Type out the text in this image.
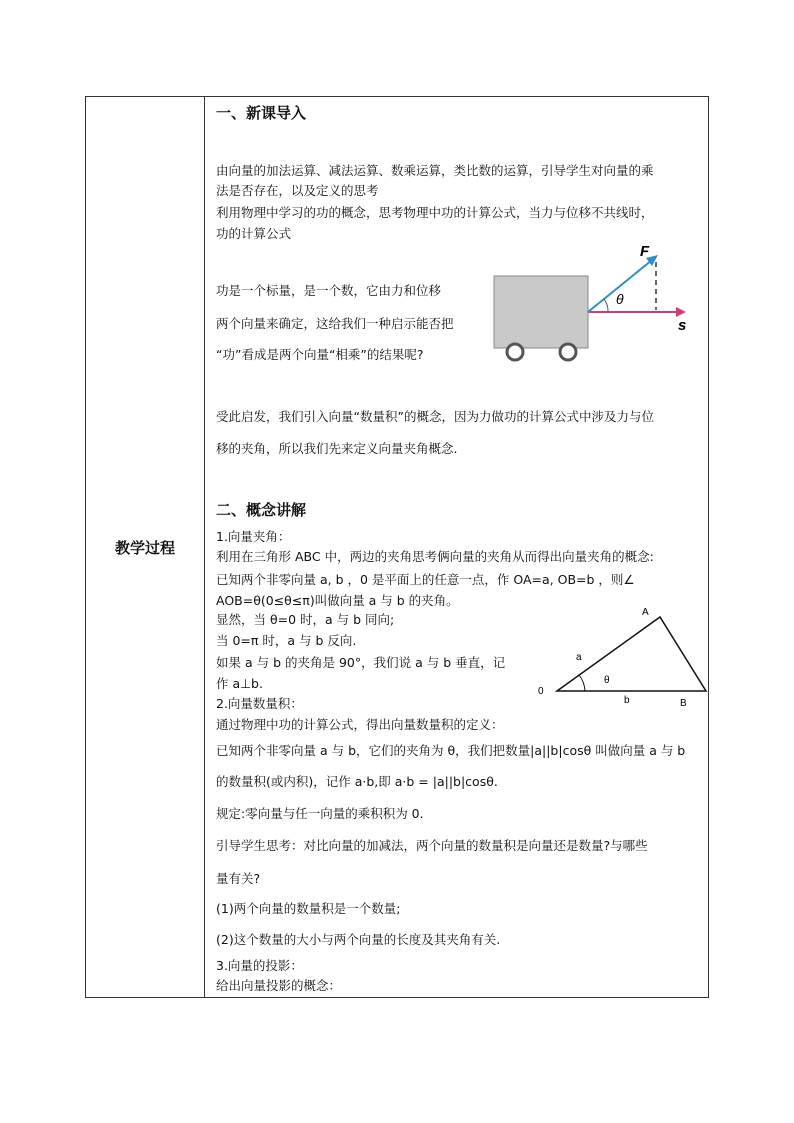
教学过程
一、新课导入
由向量的加法运算、减法运算、数乘运算，类比数的运算，引导学生对向量的乘
法是否存在，以及定义的思考
利用物理中学习的功的概念，思考物理中功的计算公式，当力与位移不共线时，
功的计算公式
功是一个标量，是一个数，它由力和位移
两个向量来确定，这给我们一种启示能否把
“功”看成是两个向量“相乘”的结果呢?
受此启发，我们引入向量“数量积”的概念，因为力做功的计算公式中涉及力与位
移的夹角，所以我们先来定义向量夹角概念.
F
θ
s
二、概念讲解
1.向量夹角：
利用在三角形 ABC 中，两边的夹角思考俩向量的夹角从而得出向量夹角的概念:
已知两个非零向量 a, b ，0 是平面上的任意一点，作 OA=a, OB=b ，则∠
AOB=θ(0≤θ≤π)叫做向量 a 与 b 的夹角。
显然，当 θ=0 时，a 与 b 同向;
当 0=π 时，a 与 b 反向.
如果 a 与 b 的夹角是 90°，我们说 a 与 b 垂直，记
作 a⊥b.
2.向量数量积：
通过物理中功的计算公式，得出向量数量积的定义：
已知两个非零向量 a 与 b，它们的夹角为 θ，我们把数量|a||b|cosθ 叫做向量 a 与 b
的数量积(或内积)，记作 a·b,即 a·b = |a||b|cosθ.
规定:零向量与任一向量的乘积积为 0.
引导学生思考：对比向量的加减法，两个向量的数量积是向量还是数量?与哪些
量有关?
(1)两个向量的数量积是一个数量;
(2)这个数量的大小与两个向量的长度及其夹角有关.
3.向量的投影：
给出向量投影的概念：
A
0
B
a
b
θ
